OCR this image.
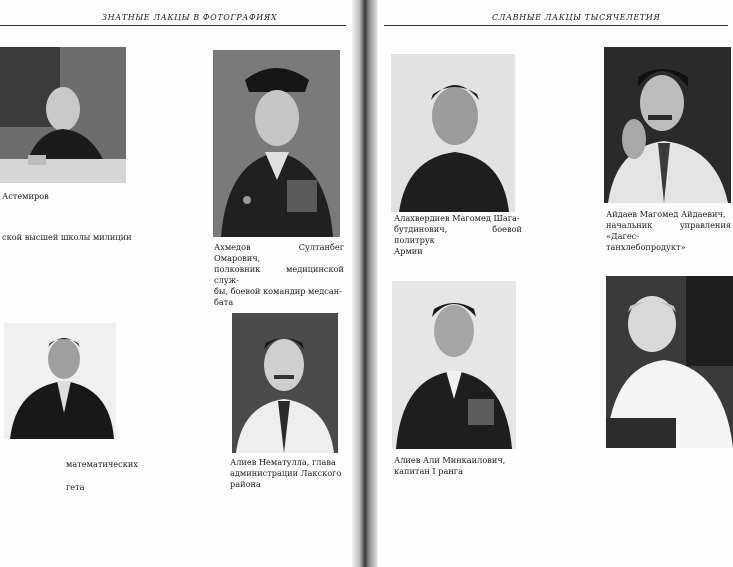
ЗНАТНЫЕ ЛАКЦЫ В ФОТОГРАФИЯХ	СЛАВНЫЕ ЛАКЦЫ ТЫСЯЧЕЛЕТИЯ
Астемиров
ской высшей школы милиции
Ахмедов Султанбег Омарович,
полковник медицинской служ-
бы, боевой командир медсан-
бата
математических
гета
Алиев Нематулла, глава
администрации Лакского
района
Алахвердиев Магомед Шага-
бутдинович, боевой политрук
Армии
Айдаев Магомед Айдаевич,
начальник управления «Дагес-
танхлебопродукт»
Алиев Али Минкаилович,
капитан I ранга
